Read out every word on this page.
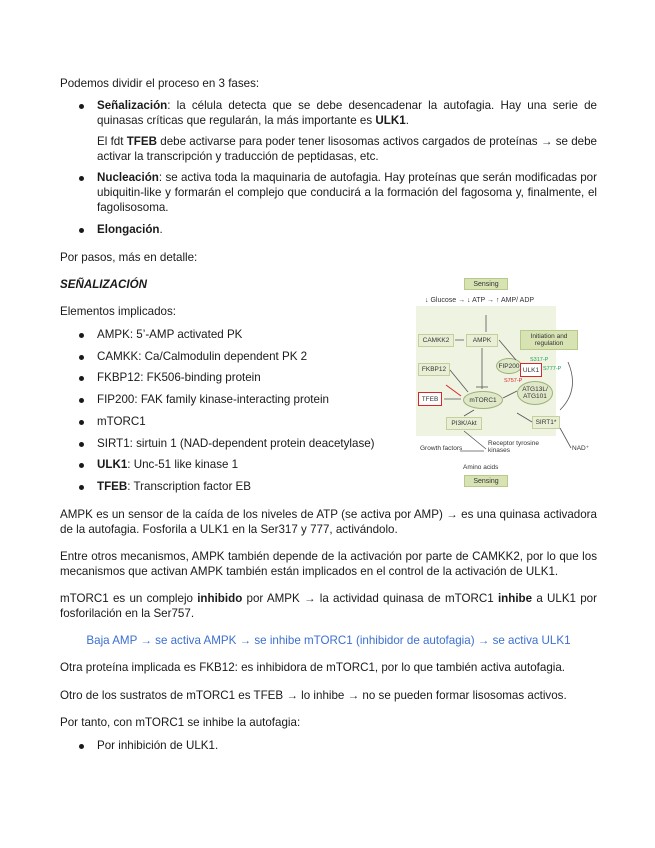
Podemos dividir el proceso en 3 fases:

Señalización: la célula detecta que se debe desencadenar la autofagia. Hay una serie de quinasas críticas que regularán, la más importante es ULK1.

El fdt TFEB debe activarse para poder tener lisosomas activos cargados de proteínas → se debe activar la transcripción y traducción de peptidasas, etc.

Nucleación: se activa toda la maquinaria de autofagia. Hay proteínas que serán modificadas por ubiquitin-like y formarán el complejo que conducirá a la formación del fagosoma y, finalmente, el fagolisosoma.

Elongación.

Por pasos, más en detalle:

SEÑALIZACIÓN

Elementos implicados:

AMPK: 5’-AMP activated PK

CAMKK: Ca/Calmodulin dependent PK 2

FKBP12: FK506-binding protein

FIP200: FAK family kinase-interacting protein

mTORC1

SIRT1: sirtuin 1 (NAD-dependent protein deacetylase)

ULK1: Unc-51 like kinase 1

TFEB: Transcription factor EB

Sensing
↓ Glucose → ↓ ATP → ↑ AMP/ ADP
CAMKK2	AMPK
Initiation and regulation
FKBP12	FIP200
ULK1
S317-P
S777-P
S757-P
ATG13L/ ATG101
TFEB	mTORC1
PI3K/Akt	SIRT1*
NAD⁺
Growth factors
Receptor tyrosine kinases
Amino acids
Sensing

AMPK es un sensor de la caída de los niveles de ATP (se activa por AMP) → es una quinasa activadora de la autofagia. Fosforila a ULK1 en la Ser317 y 777, activándolo.

Entre otros mecanismos, AMPK también depende de la activación por parte de CAMKK2, por lo que los mecanismos que activan AMPK también están implicados en el control de la activación de ULK1.

mTORC1 es un complejo inhibido por AMPK → la actividad quinasa de mTORC1 inhibe a ULK1 por fosforilación en la Ser757.

Baja AMP → se activa AMPK → se inhibe mTORC1 (inhibidor de autofagia) → se activa ULK1

Otra proteína implicada es FKB12: es inhibidora de mTORC1, por lo que también activa autofagia.

Otro de los sustratos de mTORC1 es TFEB → lo inhibe → no se pueden formar lisosomas activos.

Por tanto, con mTORC1 se inhibe la autofagia:

Por inhibición de ULK1.
